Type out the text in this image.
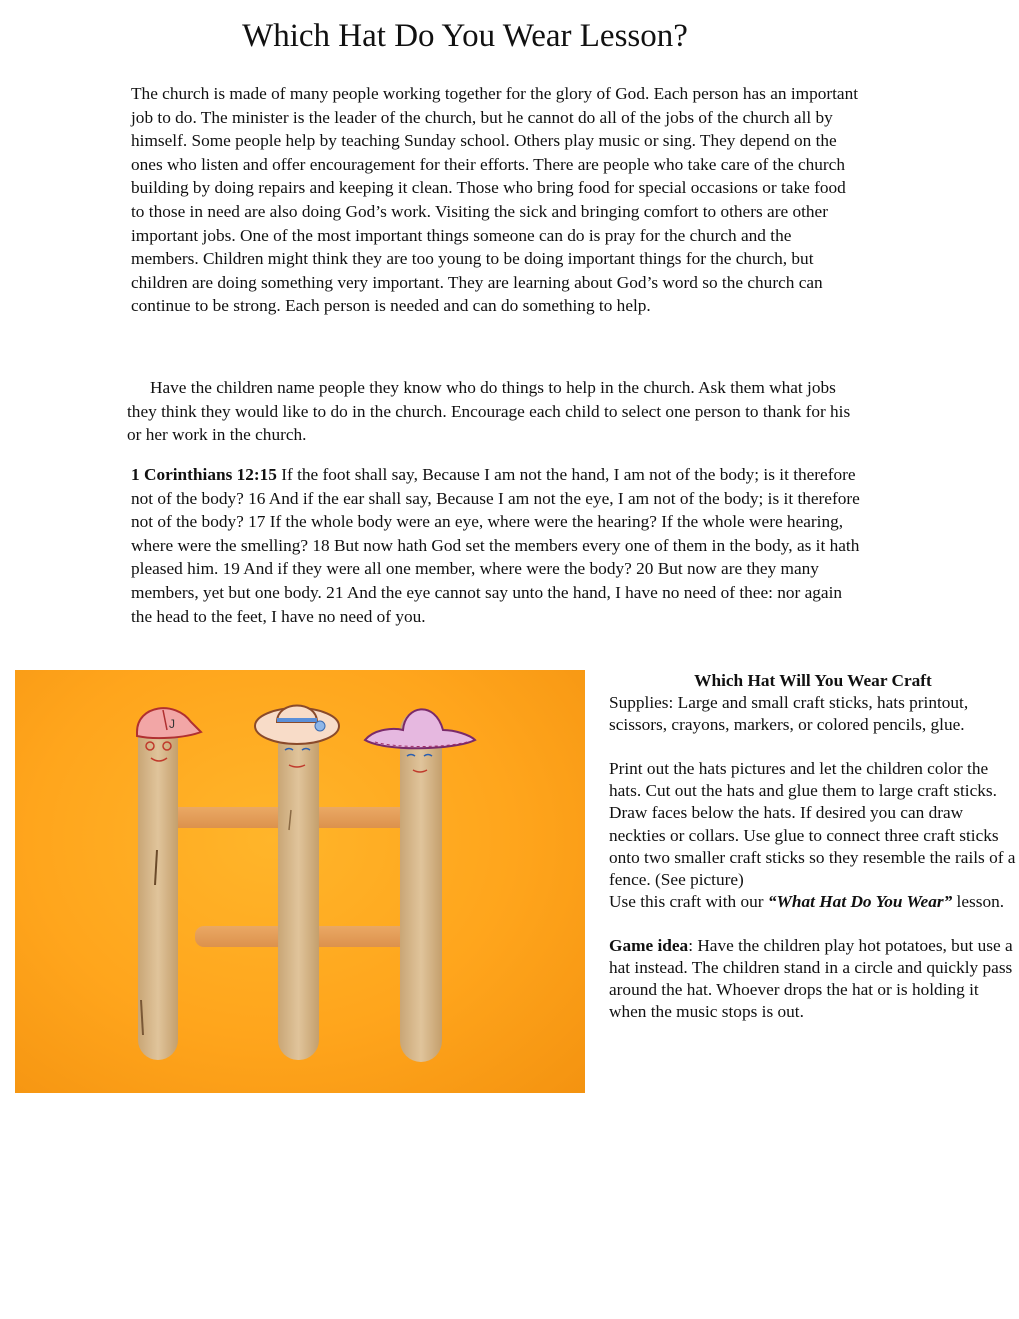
Which Hat Do You Wear Lesson?

The church is made of many people working together for the glory of God. Each person has an important job to do. The minister is the leader of the church, but he cannot do all of the jobs of the church all by himself. Some people help by teaching Sunday school. Others play music or sing. They depend on the ones who listen and offer encouragement for their efforts. There are people who take care of the church building by doing repairs and keeping it clean. Those who bring food for special occasions or take food to those in need are also doing God’s work. Visiting the sick and bringing comfort to others are other important jobs. One of the most important things someone can do is pray for the church and the members. Children might think they are too young to be doing important things for the church, but children are doing something very important. They are learning about God’s word so the church can continue to be strong. Each person is needed and can do something to help.

Have the children name people they know who do things to help in the church. Ask them what jobs they think they would like to do in the church. Encourage each child to select one person to thank for his or her work in the church.

1 Corinthians 12:15 If the foot shall say, Because I am not the hand, I am not of the body; is it therefore not of the body? 16 And if the ear shall say, Because I am not the eye, I am not of the body; is it therefore not of the body? 17 If the whole body were an eye, where were the hearing? If the whole were hearing, where were the smelling? 18 But now hath God set the members every one of them in the body, as it hath pleased him. 19 And if they were all one member, where were the body? 20 But now are they many members, yet but one body. 21 And the eye cannot say unto the hand, I have no need of thee: nor again the head to the feet, I have no need of you.

J
Which Hat Will You Wear Craft

Supplies: Large and small craft sticks, hats printout, scissors, crayons, markers, or colored pencils, glue.

Print out the hats pictures and let the children color the hats. Cut out the hats and glue them to large craft sticks. Draw faces below the hats. If desired you can draw neckties or collars. Use glue to connect three craft sticks onto two smaller craft sticks so they resemble the rails of a fence. (See picture)

Use this craft with our “What Hat Do You Wear” lesson.

Game idea: Have the children play hot potatoes, but use a hat instead. The children stand in a circle and quickly pass around the hat. Whoever drops the hat or is holding it when the music stops is out.
